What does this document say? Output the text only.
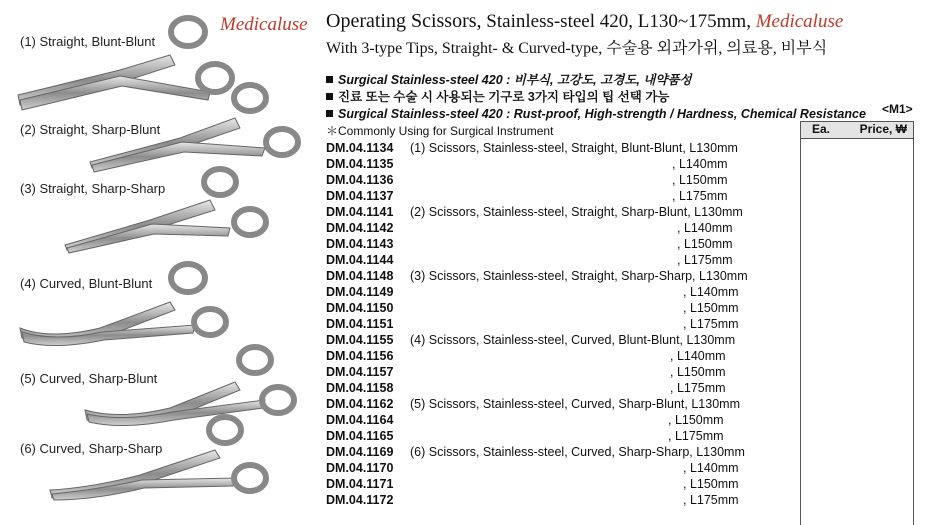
Medicaluse
(1) Straight, Blunt-Blunt
(2) Straight, Sharp-Blunt
(3) Straight, Sharp-Sharp
(4) Curved, Blunt-Blunt
(5) Curved, Sharp-Blunt
(6) Curved, Sharp-Sharp
Operating Scissors, Stainless-steel 420, L130~175mm, Medicaluse
With 3-type Tips, Straight- & Curved-type, 수술용 외과가위, 의료용, 비부식
Surgical Stainless-steel 420 : 비부식, 고강도, 고경도, 내약품성
진료 또는 수술 시 사용되는 기구로 3가지 타입의 팁 선택 가능
Surgical Stainless-steel 420 : Rust-proof, High-strength / Hardness, Chemical Resistance
＊Commonly Using for Surgical Instrument
<M1>
Ea.	Price, ₩
DM.04.1134	(1) Scissors, Stainless-steel, Straight, Blunt-Blunt, L130mm
DM.04.1135	, L140mm
DM.04.1136	, L150mm
DM.04.1137	, L175mm
DM.04.1141	(2) Scissors, Stainless-steel, Straight, Sharp-Blunt, L130mm
DM.04.1142	, L140mm
DM.04.1143	, L150mm
DM.04.1144	, L175mm
DM.04.1148	(3) Scissors, Stainless-steel, Straight, Sharp-Sharp, L130mm
DM.04.1149	, L140mm
DM.04.1150	, L150mm
DM.04.1151	, L175mm
DM.04.1155	(4) Scissors, Stainless-steel, Curved, Blunt-Blunt, L130mm
DM.04.1156	, L140mm
DM.04.1157	, L150mm
DM.04.1158	, L175mm
DM.04.1162	(5) Scissors, Stainless-steel, Curved, Sharp-Blunt, L130mm
DM.04.1164	, L150mm
DM.04.1165	, L175mm
DM.04.1169	(6) Scissors, Stainless-steel, Curved, Sharp-Sharp, L130mm
DM.04.1170	, L140mm
DM.04.1171	, L150mm
DM.04.1172	, L175mm
